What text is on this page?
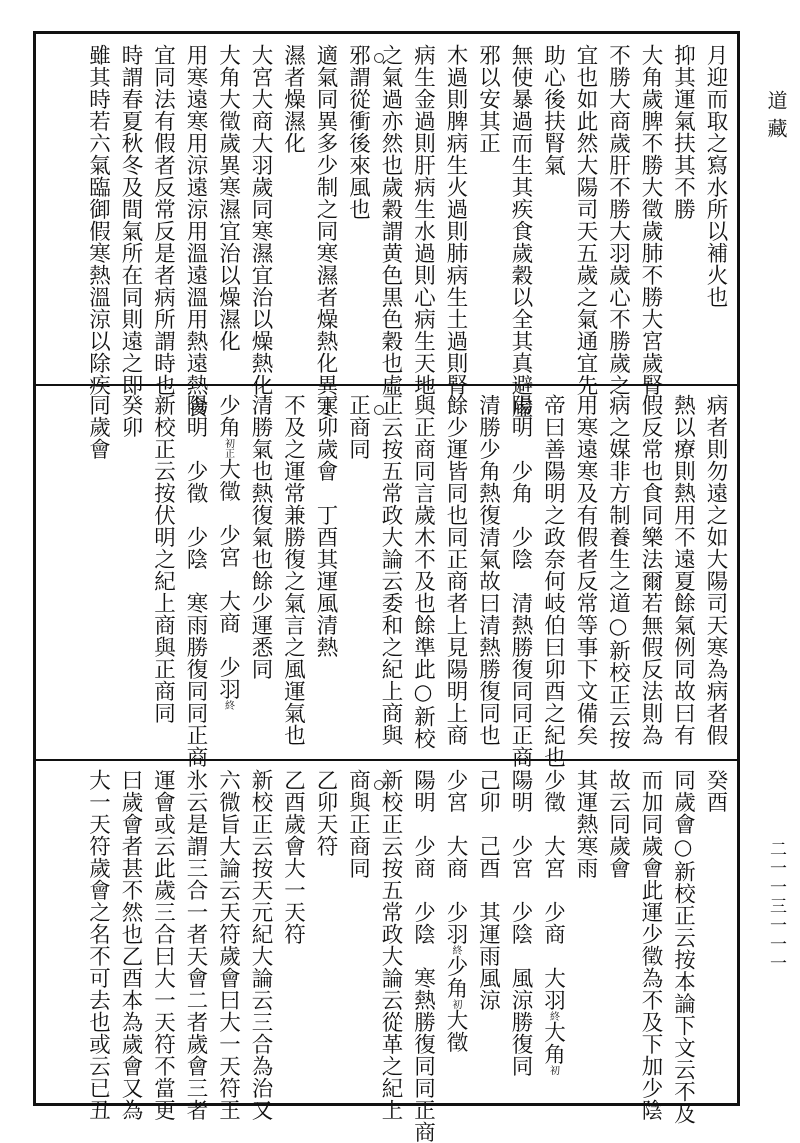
月迎而取之寫水所以補火也
抑其運氣扶其不勝
大角歲脾不勝大徵歲肺不勝大宮歲腎
不勝大商歲肝不勝大羽歲心不勝歲之
宜也如此然大陽司天五歲之氣通宜先
助心後扶腎氣
無使暴過而生其疾食歲穀以全其真避虛
邪以安其正
木過則脾病生火過則肺病生土過則腎
病生金過則肝病生水過則心病生天地
之氣過亦然也歲穀謂黄色黒色穀也虛
邪謂從衝後來風也
適氣同異多少制之同寒濕者燥熱化異寒
濕者燥濕化
大宮大商大羽歲同寒濕宜治以燥熱化
大角大徵歲異寒濕宜治以燥濕化
用寒遠寒用涼遠涼用溫遠溫用熱遠熱食
宜同法有假者反常反是者病所謂時也
時謂春夏秋冬及間氣所在同則遠之即
雖其時若六氣臨御假寒熱溫涼以除疾
病者則勿遠之如大陽司天寒為病者假
熱以療則熱用不遠夏餘氣例同故曰有
假反常也食同樂法爾若無假反法則為
病之媒非方制養生之道○新校正云按
用寒遠寒及有假者反常等事下文備矣
帝曰善陽明之政奈何岐伯曰卯酉之紀也
陽明　少角　少陰　清熱勝復同同正商
清勝少角熱復清氣故曰清熱勝復同也
餘少運皆同也同正商者上見陽明上商
與正商同言歲木不及也餘準此○新校
正云按五常政大論云委和之紀上商與
正商同
丁卯歲會　丁酉其運風清熱
不及之運常兼勝復之氣言之風運氣也
清勝氣也熱復氣也餘少運悉同
少角初正大徵　少宮　大商　少羽終
陽明　少徵　少陰　寒雨勝復同同正商
新校正云按伏明之紀上商與正商同
癸卯
同歲會
癸酉
同歲會○新校正云按本論下文云不及
而加同歲會此運少徵為不及下加少陰
故云同歲會
其運熱寒雨
少徵　大宮　少商　大羽終大角初
陽明　少宮　少陰　風涼勝復同
己卯　己酉　其運雨風涼
少宮　大商　少羽終少角初大徵
陽明　少商　少陰　寒熱勝復同同正商
新校正云按五常政大論云從革之紀上
商與正商同
乙卯天符
乙酉歲會大一天符
新校正云按天元紀大論云三合為治又
六微旨大論云天符歲會曰大一天符王
氷云是謂三合一者天會二者歲會三者
運會或云此歲三合曰大一天符不當更
曰歲會者甚不然也乙酉本為歲會又為
大一天符歲會之名不可去也或云已丑
道藏
二一一三一一一
